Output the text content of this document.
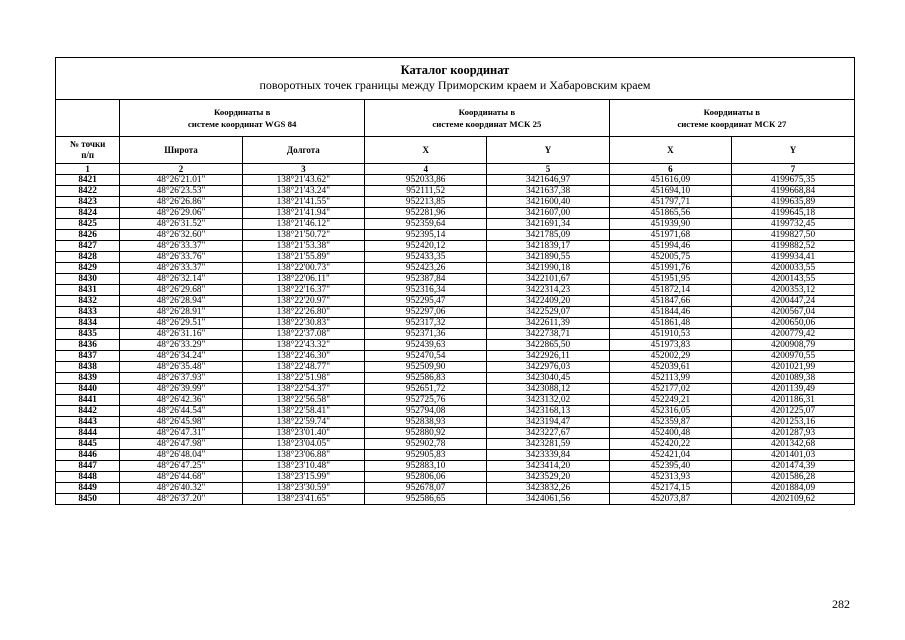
Каталог координат
поворотных точек границы между Приморским краем и Хабаровским краем
	Координаты в
системе координат WGS 84		Координаты в
системе координат МСК 25		Координаты в
системе координат МСК 27	
№ точки
п/п	Широта	Долгота	X	Y	X	Y
1	2	3	4	5	6	7
8421	48°26'21.01"	138°21'43.62"	952033,86	3421646,97	451616,09	4199675,35
8422	48°26'23.53"	138°21'43.24"	952111,52	3421637,38	451694,10	4199668,84
8423	48°26'26.86"	138°21'41.55"	952213,85	3421600,40	451797,71	4199635,89
8424	48°26'29.06"	138°21'41.94"	952281,96	3421607,00	451865,56	4199645,18
8425	48°26'31.52"	138°21'46.12"	952359,64	3421691,34	451939,90	4199732,45
8426	48°26'32.60"	138°21'50.72"	952395,14	3421785,09	451971,68	4199827,50
8427	48°26'33.37"	138°21'53.38"	952420,12	3421839,17	451994,46	4199882,52
8428	48°26'33.76"	138°21'55.89"	952433,35	3421890,55	452005,75	4199934,41
8429	48°26'33.37"	138°22'00.73"	952423,26	3421990,18	451991,76	4200033,55
8430	48°26'32.14"	138°22'06.11"	952387,84	3422101,67	451951,95	4200143,55
8431	48°26'29.68"	138°22'16.37"	952316,34	3422314,23	451872,14	4200353,12
8432	48°26'28.94"	138°22'20.97"	952295,47	3422409,20	451847,66	4200447,24
8433	48°26'28.91"	138°22'26.80"	952297,06	3422529,07	451844,46	4200567,04
8434	48°26'29.51"	138°22'30.83"	952317,32	3422611,39	451861,48	4200650,06
8435	48°26'31.16"	138°22'37.08"	952371,36	3422738,71	451910,53	4200779,42
8436	48°26'33.29"	138°22'43.32"	952439,63	3422865,50	451973,83	4200908,79
8437	48°26'34.24"	138°22'46.30"	952470,54	3422926,11	452002,29	4200970,55
8438	48°26'35.48"	138°22'48.77"	952509,90	3422976,03	452039,61	4201021,99
8439	48°26'37.93"	138°22'51.98"	952586,83	3423040,45	452113,99	4201089,38
8440	48°26'39.99"	138°22'54.37"	952651,72	3423088,12	452177,02	4201139,49
8441	48°26'42.36"	138°22'56.58"	952725,76	3423132,02	452249,21	4201186,31
8442	48°26'44.54"	138°22'58.41"	952794,08	3423168,13	452316,05	4201225,07
8443	48°26'45.98"	138°22'59.74"	952838,93	3423194,47	452359,87	4201253,16
8444	48°26'47.31"	138°23'01.40"	952880,92	3423227,67	452400,48	4201287,93
8445	48°26'47.98"	138°23'04.05"	952902,78	3423281,59	452420,22	4201342,68
8446	48°26'48.04"	138°23'06.88"	952905,83	3423339,84	452421,04	4201401,03
8447	48°26'47.25"	138°23'10.48"	952883,10	3423414,20	452395,40	4201474,39
8448	48°26'44.68"	138°23'15.99"	952806,06	3423529,20	452313,93	4201586,28
8449	48°26'40.32"	138°23'30.59"	952678,07	3423832,26	452174,15	4201884,09
8450	48°26'37.20"	138°23'41.65"	952586,65	3424061,56	452073,87	4202109,62
282
